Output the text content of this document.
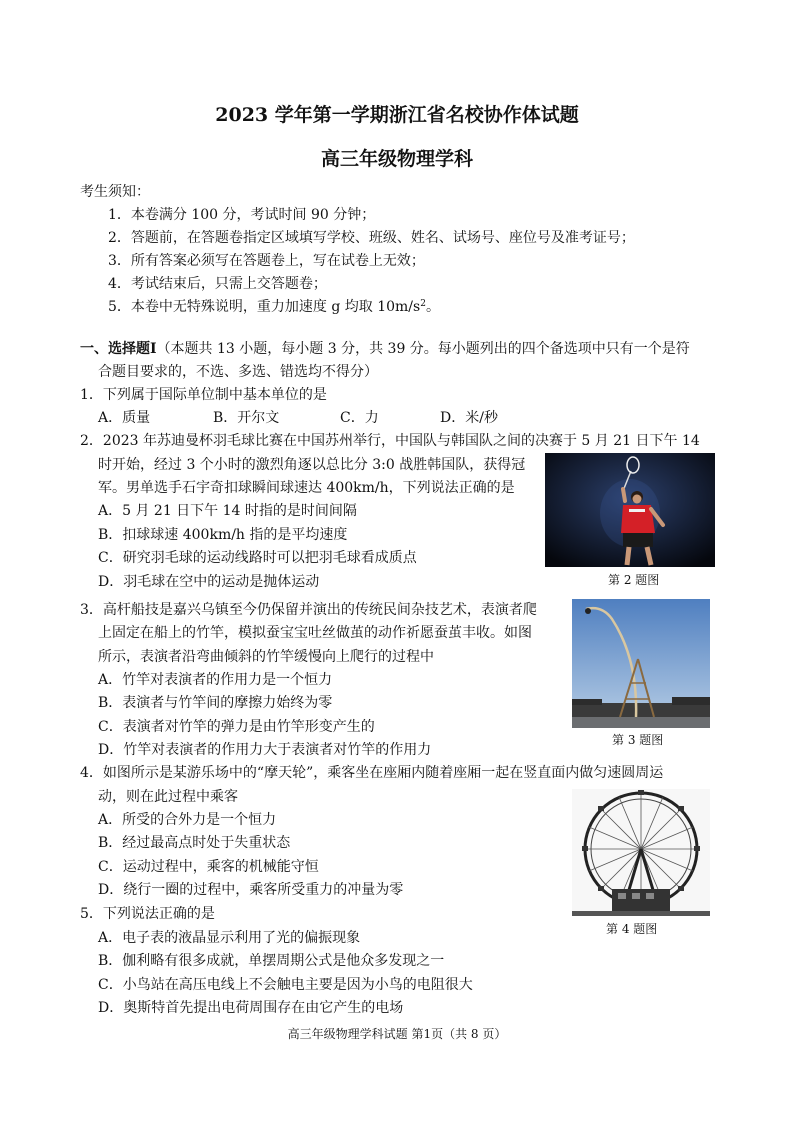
2023 学年第一学期浙江省名校协作体试题
高三年级物理学科
考生须知：
1．本卷满分 100 分，考试时间 90 分钟；
2．答题前，在答题卷指定区域填写学校、班级、姓名、试场号、座位号及准考证号；
3．所有答案必须写在答题卷上，写在试卷上无效；
4．考试结束后，只需上交答题卷；
5．本卷中无特殊说明，重力加速度 g 均取 $10m/s^2$。
一、选择题Ⅰ（本题共 13 小题，每小题 3 分，共 39 分。每小题列出的四个备选项中只有一个是符
合题目要求的，不选、多选、错选均不得分）
1．下列属于国际单位制中基本单位的是
A．质量	B．开尔文	C．力	D．米/秒
2．2023 年苏迪曼杯羽毛球比赛在中国苏州举行，中国队与韩国队之间的决赛于 5 月 21 日下午 14
时开始，经过 3 个小时的激烈角逐以总比分 3:0 战胜韩国队，获得冠
军。男单选手石宇奇扣球瞬间球速达 400km/h，下列说法正确的是
A．5 月 21 日下午 14 时指的是时间间隔
B．扣球球速 400km/h 指的是平均速度
C．研究羽毛球的运动线路时可以把羽毛球看成质点
D．羽毛球在空中的运动是抛体运动	第 2 题图
3．高杆船技是嘉兴乌镇至今仍保留并演出的传统民间杂技艺术，表演者爬
上固定在船上的竹竿，模拟蚕宝宝吐丝做茧的动作祈愿蚕茧丰收。如图
所示，表演者沿弯曲倾斜的竹竿缓慢向上爬行的过程中
A．竹竿对表演者的作用力是一个恒力
B．表演者与竹竿间的摩擦力始终为零
C．表演者对竹竿的弹力是由竹竿形变产生的
D．竹竿对表演者的作用力大于表演者对竹竿的作用力
第 3 题图
4．如图所示是某游乐场中的“摩天轮”，乘客坐在座厢内随着座厢一起在竖直面内做匀速圆周运
动，则在此过程中乘客
A．所受的合外力是一个恒力
B．经过最高点时处于失重状态
C．运动过程中，乘客的机械能守恒
D．绕行一圈的过程中，乘客所受重力的冲量为零
第 4 题图
5．下列说法正确的是
A．电子表的液晶显示利用了光的偏振现象
B．伽利略有很多成就，单摆周期公式是他众多发现之一
C．小鸟站在高压电线上不会触电主要是因为小鸟的电阻很大
D．奥斯特首先提出电荷周围存在由它产生的电场
高三年级物理学科试题 第1页（共 8 页）
